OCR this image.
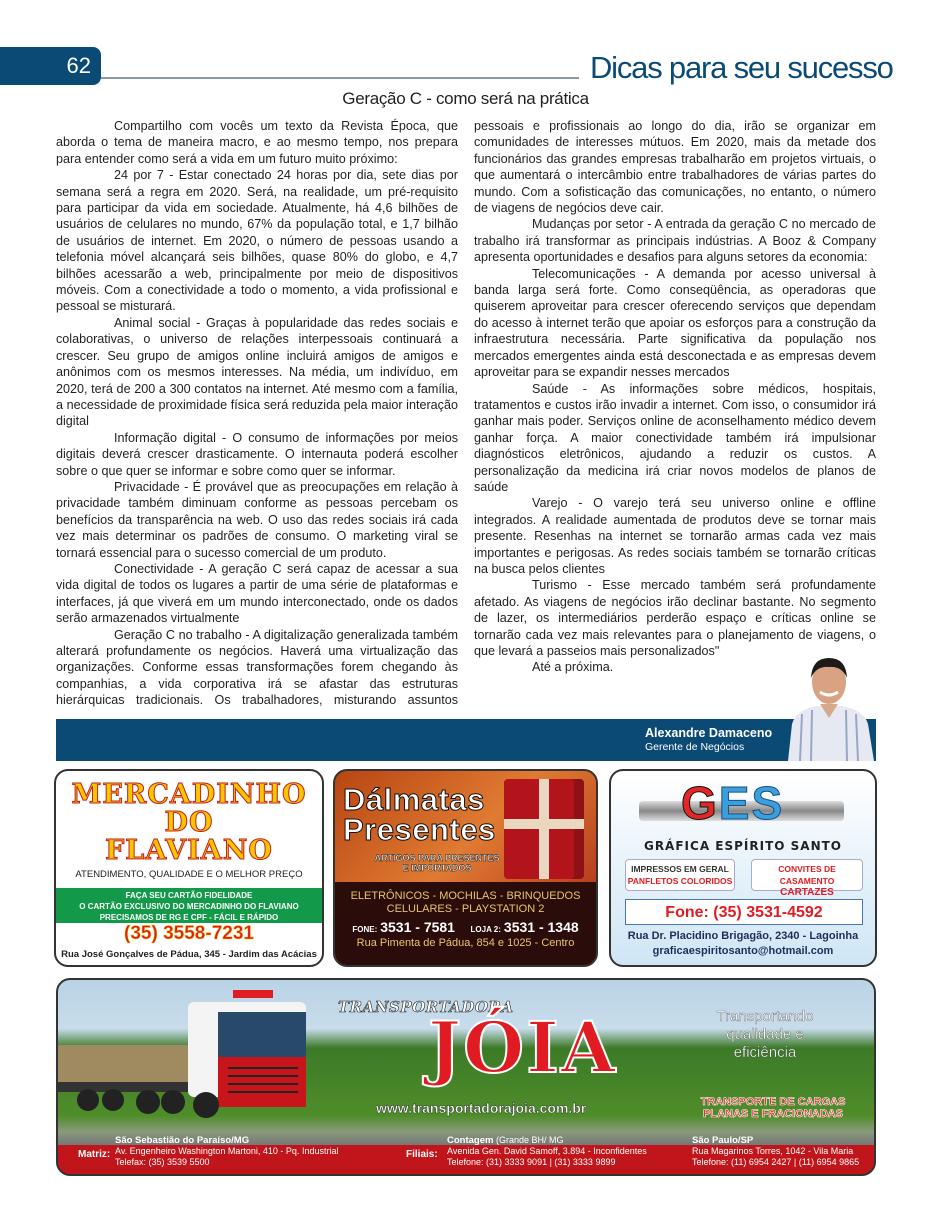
62	Dicas para seu sucesso
Geração C - como será na prática

Compartilho com vocês um texto da Revista Época, que aborda o tema de maneira macro, e ao mesmo tempo, nos prepara para entender como será a vida em um futuro muito próximo:

24 por 7 - Estar conectado 24 horas por dia, sete dias por semana será a regra em 2020. Será, na realidade, um pré-requisito para participar da vida em sociedade. Atualmente, há 4,6 bilhões de usuários de celulares no mundo, 67% da população total, e 1,7 bilhão de usuários de internet. Em 2020, o número de pessoas usando a telefonia móvel alcançará seis bilhões, quase 80% do globo, e 4,7 bilhões acessarão a web, principalmente por meio de dispositivos móveis. Com a conectividade a todo o momento, a vida profissional e pessoal se misturará.

Animal social - Graças à popularidade das redes sociais e colaborativas, o universo de relações interpessoais continuará a crescer. Seu grupo de amigos online incluirá amigos de amigos e anônimos com os mesmos interesses. Na média, um indivíduo, em 2020, terá de 200 a 300 contatos na internet. Até mesmo com a família, a necessidade de proximidade física será reduzida pela maior interação digital

Informação digital - O consumo de informações por meios digitais deverá crescer drasticamente. O internauta poderá escolher sobre o que quer se informar e sobre como quer se informar.

Privacidade - É provável que as preocupações em relação à privacidade também diminuam conforme as pessoas percebam os benefícios da transparência na web. O uso das redes sociais irá cada vez mais determinar os padrões de consumo. O marketing viral se tornará essencial para o sucesso comercial de um produto.

Conectividade - A geração C será capaz de acessar a sua vida digital de todos os lugares a partir de uma série de plataformas e interfaces, já que viverá em um mundo interconectado, onde os dados serão armazenados virtualmente

Geração C no trabalho - A digitalização generalizada também alterará profundamente os negócios. Haverá uma virtualização das organizações. Conforme essas transformações forem chegando às companhias, a vida corporativa irá se afastar das estruturas hierárquicas tradicionais. Os trabalhadores, misturando assuntos

pessoais e profissionais ao longo do dia, irão se organizar em comunidades de interesses mútuos. Em 2020, mais da metade dos funcionários das grandes empresas trabalharão em projetos virtuais, o que aumentará o intercâmbio entre trabalhadores de várias partes do mundo. Com a sofisticação das comunicações, no entanto, o número de viagens de negócios deve cair.

Mudanças por setor - A entrada da geração C no mercado de trabalho irá transformar as principais indústrias. A Booz & Company apresenta oportunidades e desafios para alguns setores da economia:

Telecomunicações - A demanda por acesso universal à banda larga será forte. Como conseqüência, as operadoras que quiserem aproveitar para crescer oferecendo serviços que dependam do acesso à internet terão que apoiar os esforços para a construção da infraestrutura necessária. Parte significativa da população nos mercados emergentes ainda está desconectada e as empresas devem aproveitar para se expandir nesses mercados

Saúde - As informações sobre médicos, hospitais, tratamentos e custos irão invadir a internet. Com isso, o consumidor irá ganhar mais poder. Serviços online de aconselhamento médico devem ganhar força. A maior conectividade também irá impulsionar diagnósticos eletrônicos, ajudando a reduzir os custos. A personalização da medicina irá criar novos modelos de planos de saúde

Varejo - O varejo terá seu universo online e offline integrados. A realidade aumentada de produtos deve se tornar mais presente. Resenhas na internet se tornarão armas cada vez mais importantes e perigosas. As redes sociais também se tornarão críticas na busca pelos clientes

Turismo - Esse mercado também será profundamente afetado. As viagens de negócios irão declinar bastante. No segmento de lazer, os intermediários perderão espaço e críticas online se tornarão cada vez mais relevantes para o planejamento de viagens, o que levará a passeios mais personalizados"

Até a próxima.

Alexandre Damaceno
Gerente de Negócios
MERCADINHO
DO
FLAVIANO
ATENDIMENTO, QUALIDADE E O MELHOR PREÇO
FAÇA SEU CARTÃO FIDELIDADE
O CARTÃO EXCLUSIVO DO MERCADINHO DO FLAVIANO
PRECISAMOS DE RG E CPF - FÁCIL E RÁPIDO
(35) 3558-7231
Rua José Gonçalves de Pádua, 345 - Jardim das Acácias
Dálmatas
Presentes
ARTIGOS PARA PRESENTES
E IMPORTADOS
ELETRÔNICOS - MOCHILAS - BRINQUEDOS
CELULARES - PLAYSTATION 2
FONE: 3531 - 7581 LOJA 2: 3531 - 1348
Rua Pimenta de Pádua, 854 e 1025 - Centro
GES
GRÁFICA ESPÍRITO SANTO
IMPRESSOS EM GERAL
PANFLETOS COLORIDOS
CONVITES DE CASAMENTO
CARTAZES
Fone: (35) 3531-4592
Rua Dr. Placidino Brigagão, 2340 - Lagoinha
graficaespiritosanto@hotmail.com
TRANSPORTADORA
JÓIA
www.transportadorajoia.com.br
Transportando
qualidade e
eficiência
TRANSPORTE DE CARGAS
PLANAS E FRACIONADAS
Matriz:
São Sebastião do Paraíso/MG
Av. Engenheiro Washington Martoni, 410 - Pq. Industrial
Telefax: (35) 3539 5500
Filiais:
Contagem (Grande BH/ MG
Avenida Gen. David Samoff, 3.894 - Inconfidentes
Telefone: (31) 3333 9091 | (31) 3333 9899
São Paulo/SP
Rua Magarinos Torres, 1042 - Vila Maria
Telefone: (11) 6954 2427 | (11) 6954 9865
